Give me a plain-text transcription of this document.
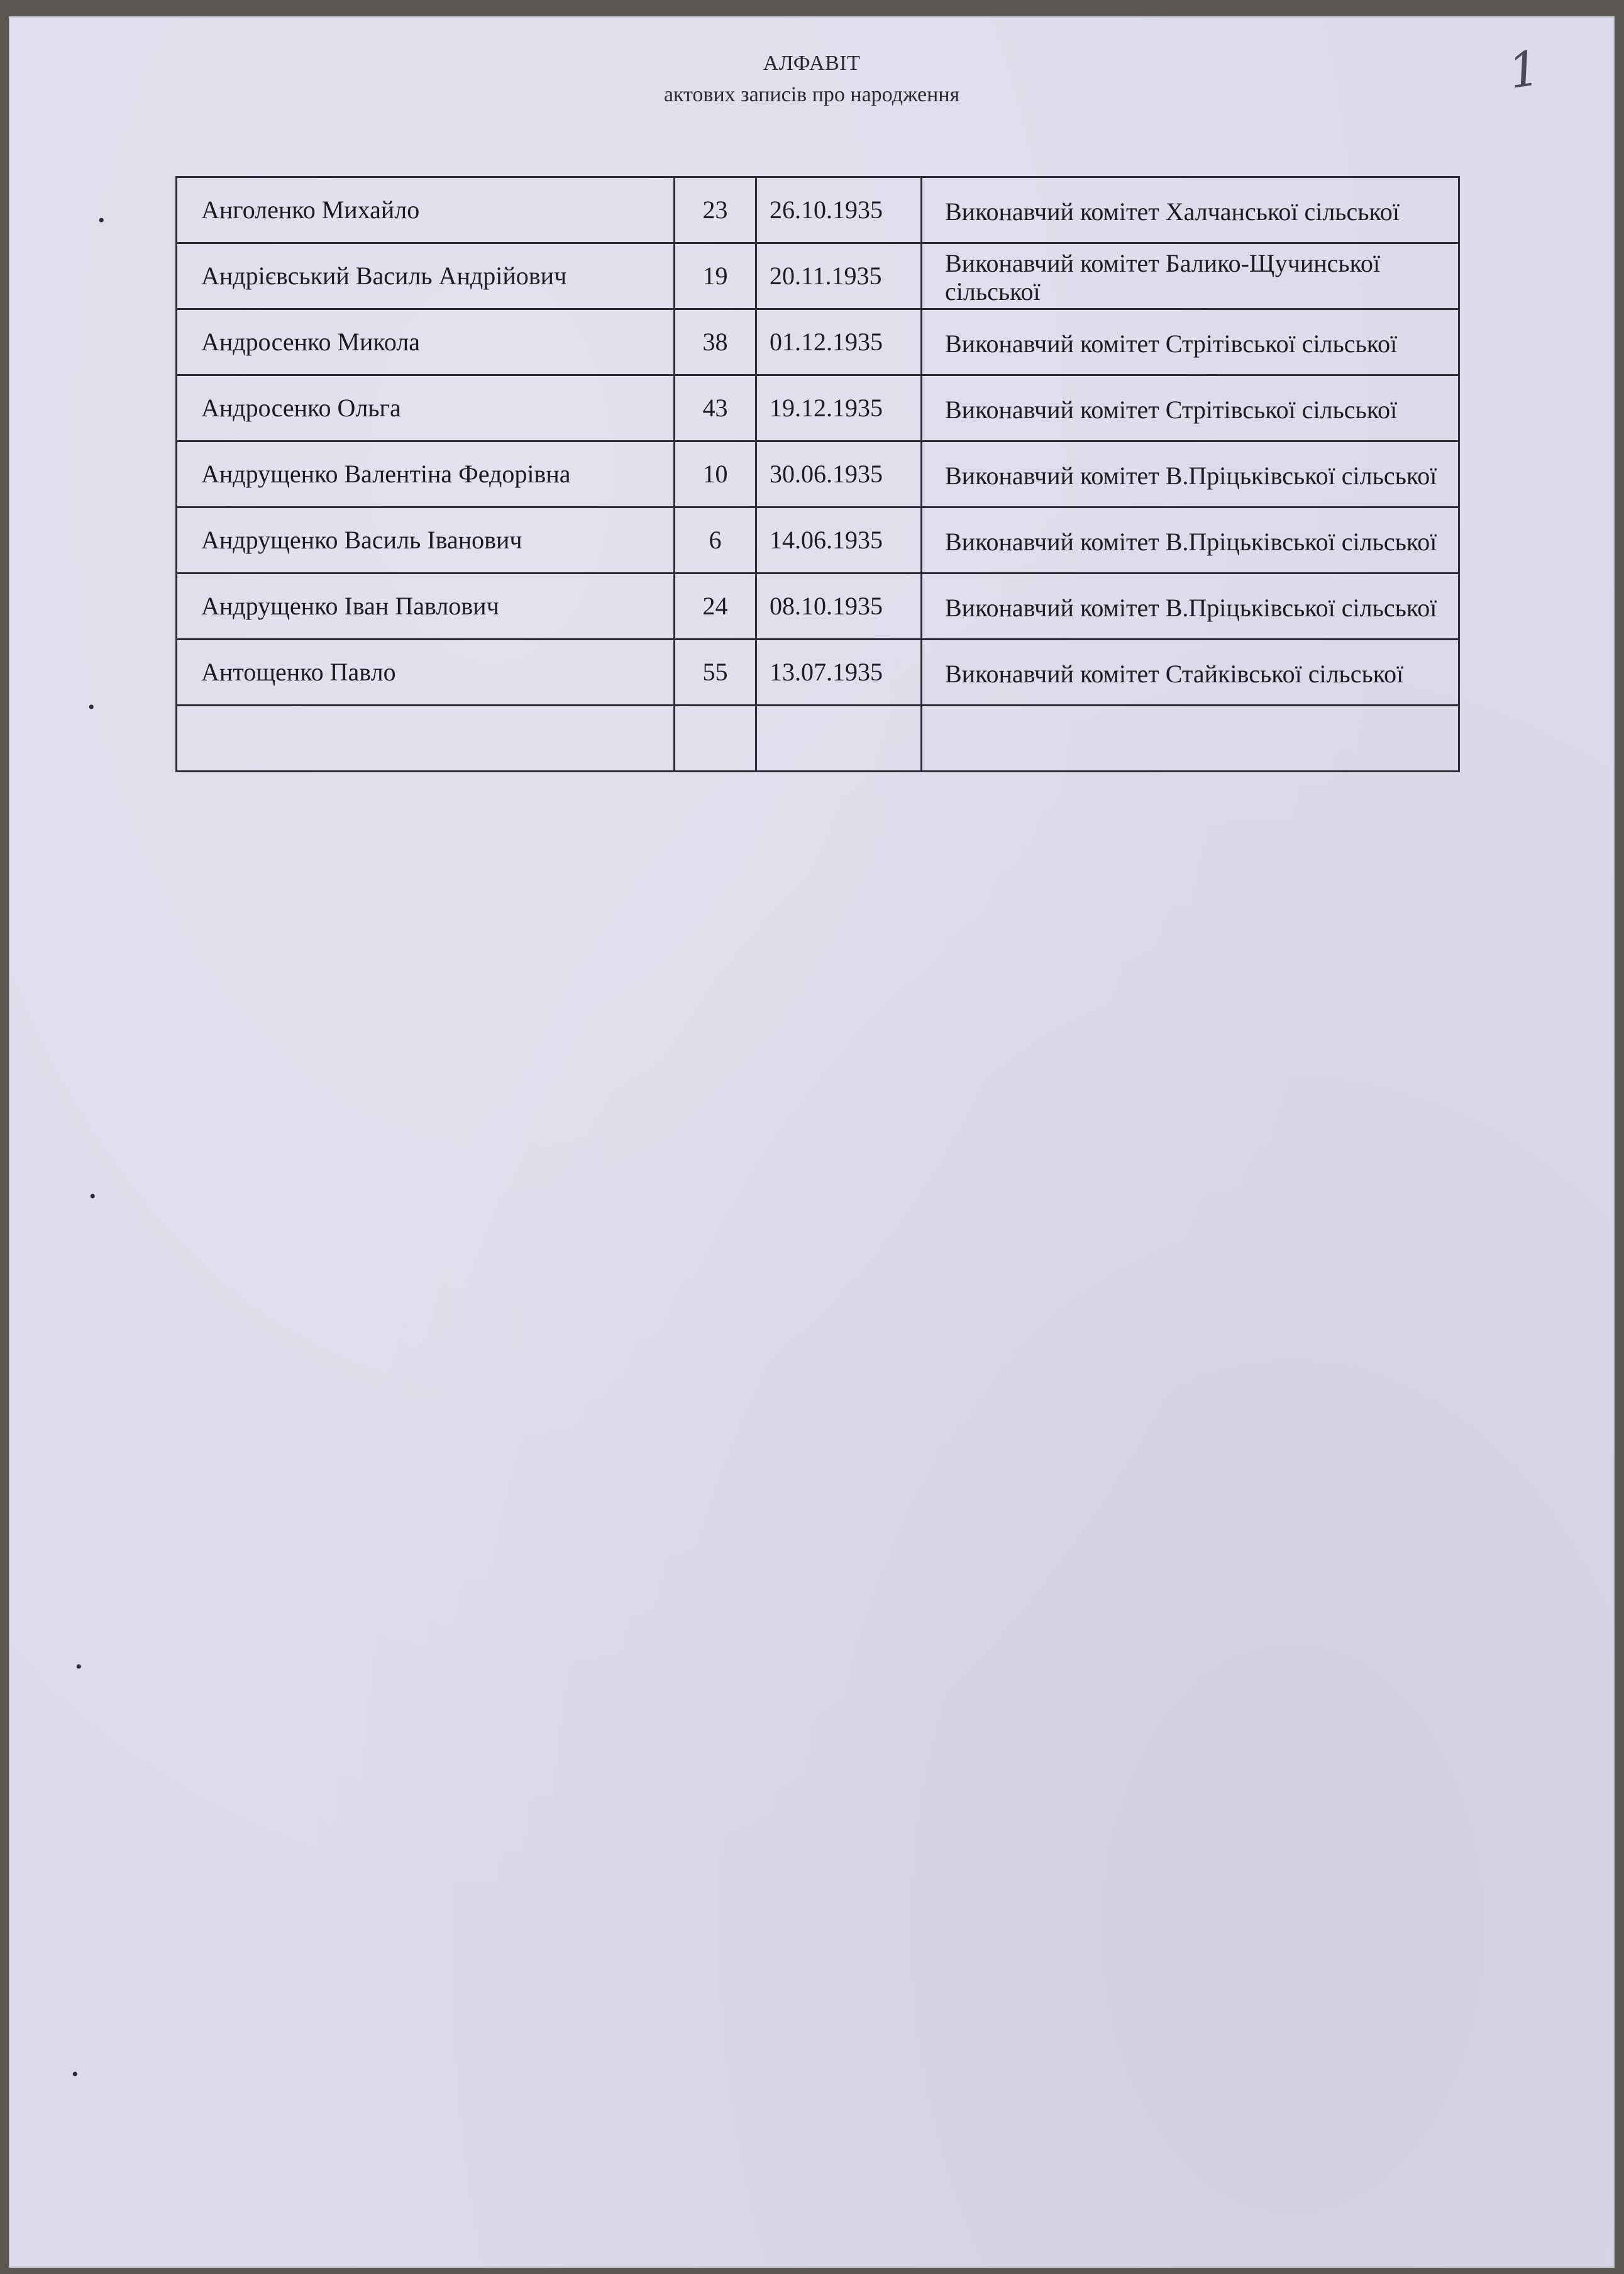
АЛФАВІТ
актових записів про народження	1
Анголенко Михайло	23	26.10.1935	Виконавчий комітет Халчанської сільської
Андрієвський Василь Андрійович	19	20.11.1935	Виконавчий комітет Балико-Щучинської сільської
Андросенко Микола	38	01.12.1935	Виконавчий комітет Стрітівської сільської
Андросенко Ольга	43	19.12.1935	Виконавчий комітет Стрітівської сільської
Андрущенко Валентіна Федорівна	10	30.06.1935	Виконавчий комітет В.Пріцьківської сільської
Андрущенко Василь Іванович	6	14.06.1935	Виконавчий комітет В.Пріцьківської сільської
Андрущенко Іван Павлович	24	08.10.1935	Виконавчий комітет В.Пріцьківської сільської
Антощенко Павло	55	13.07.1935	Виконавчий комітет Стайківської сільської

•
•
•
•
•
